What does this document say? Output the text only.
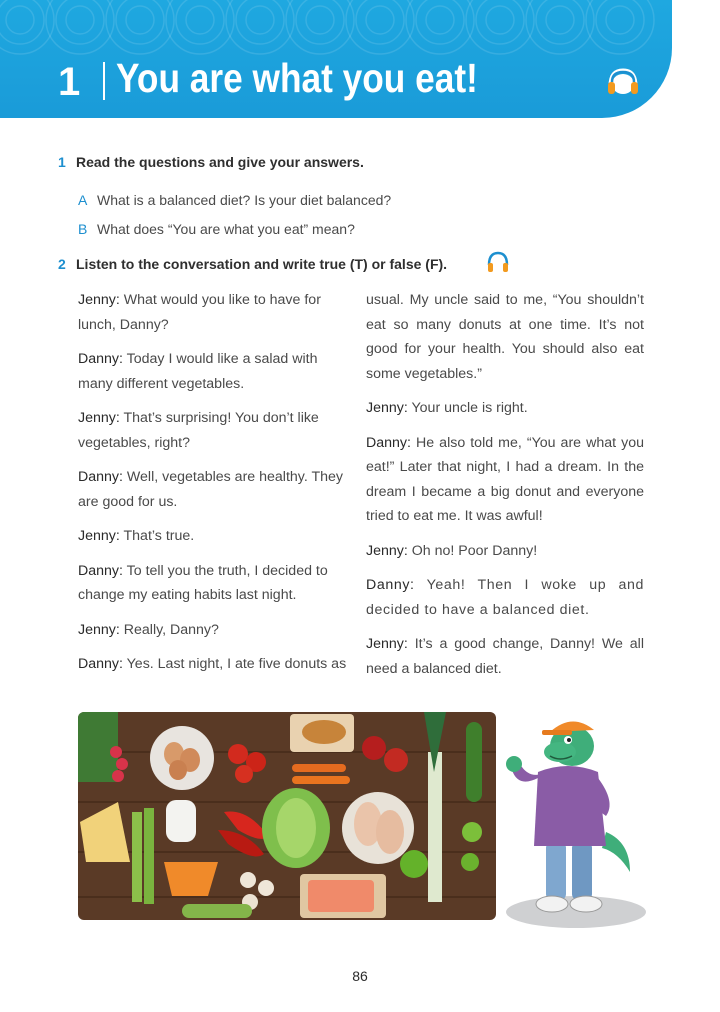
1 You are what you eat!
1 Read the questions and give your answers.
A What is a balanced diet? Is your diet balanced?
B What does “You are what you eat” mean?
2 Listen to the conversation and write true (T) or false (F).

Jenny: What would you like to have for lunch, Danny?

Danny: Today I would like a salad with many different vegetables.

Jenny: That’s surprising! You don’t like vegetables, right?

Danny: Well, vegetables are healthy. They are good for us.

Jenny: That’s true.

Danny: To tell you the truth, I decided to change my eating habits last night.

Jenny: Really, Danny?

Danny: Yes. Last night, I ate five donuts as

usual. My uncle said to me, “You shouldn’t eat so many donuts at one time. It’s not good for your health. You should also eat some vegetables.”

Jenny: Your uncle is right.

Danny: He also told me, “You are what you eat!” Later that night, I had a dream. In the dream I became a big donut and everyone tried to eat me. It was awful!

Jenny: Oh no! Poor Danny!

Danny: Yeah! Then I woke up and decided to have a balanced diet.

Jenny: It’s a good change, Danny! We all need a balanced diet.

86
